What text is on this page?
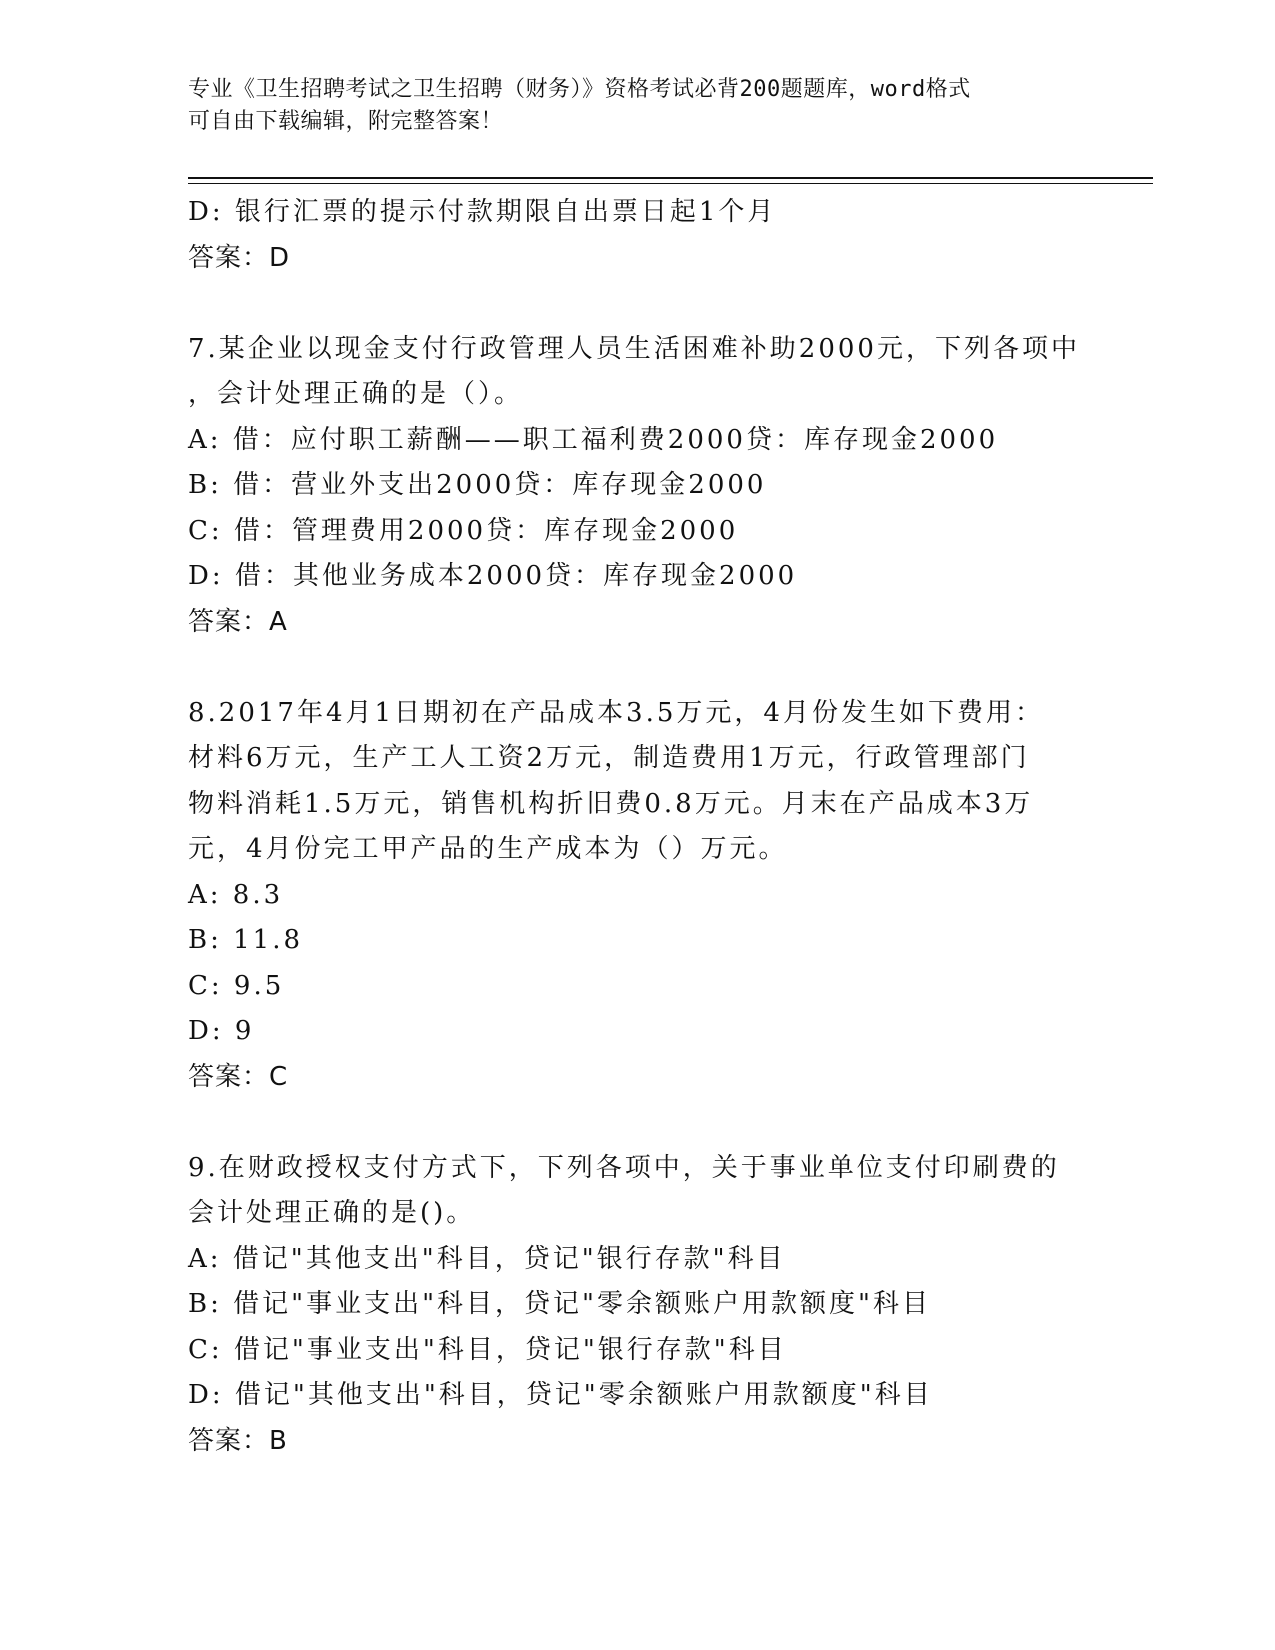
专业《卫生招聘考试之卫生招聘（财务）》资格考试必背200题题库，word格式
可自由下载编辑，附完整答案！
D: 银行汇票的提示付款期限自出票日起1个月
答案：D
7.某企业以现金支付行政管理人员生活困难补助2000元，下列各项中
，会计处理正确的是（）。
A: 借：应付职工薪酬——职工福利费2000贷：库存现金2000
B: 借：营业外支出2000贷：库存现金2000
C: 借：管理费用2000贷：库存现金2000
D: 借：其他业务成本2000贷：库存现金2000
答案：A
8.2017年4月1日期初在产品成本3.5万元，4月份发生如下费用：
材料6万元，生产工人工资2万元，制造费用1万元，行政管理部门
物料消耗1.5万元，销售机构折旧费0.8万元。月末在产品成本3万
元，4月份完工甲产品的生产成本为（）万元。
A: 8.3
B: 11.8
C: 9.5
D: 9
答案：C
9.在财政授权支付方式下，下列各项中，关于事业单位支付印刷费的
会计处理正确的是()。
A: 借记"其他支出"科目，贷记"银行存款"科目
B: 借记"事业支出"科目，贷记"零余额账户用款额度"科目
C: 借记"事业支出"科目，贷记"银行存款"科目
D: 借记"其他支出"科目，贷记"零余额账户用款额度"科目
答案：B
